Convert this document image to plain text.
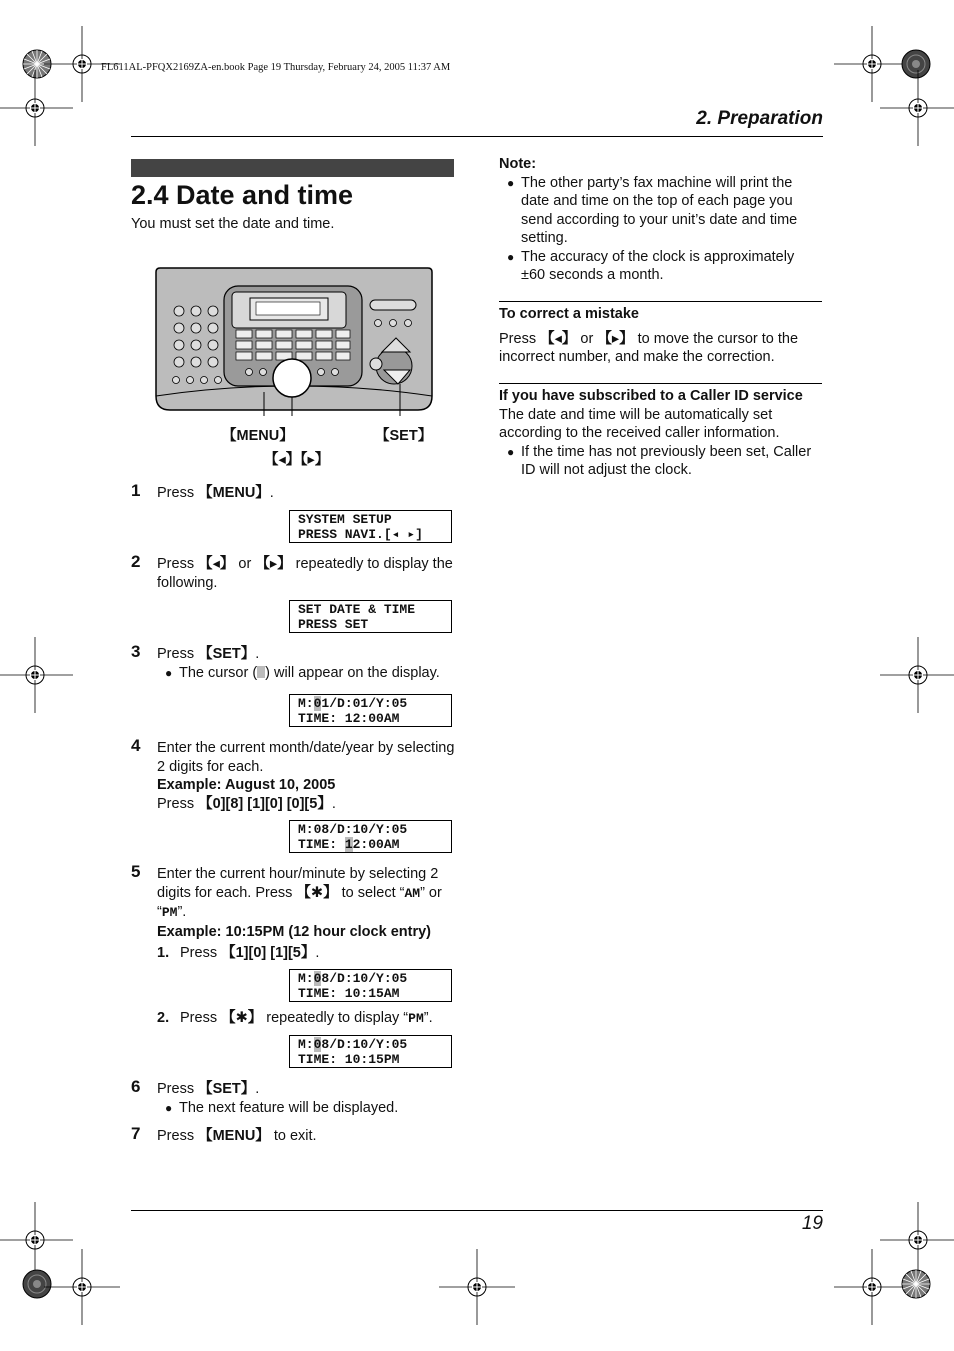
FL611AL-PFQX2169ZA-en.book Page 19 Thursday, February 24, 2005 11:37 AM
2. Preparation
2.4 Date and time
You must set the date and time.
【MENU】	【SET】
【◂】【▸】
1 Press 【MENU】.
SYSTEM SETUP
PRESS NAVI.[◂ ▸]
2 Press 【◂】 or 【▸】 repeatedly to display the following.
SET DATE & TIME
PRESS SET
3 Press 【SET】.
● The cursor ( ) will appear on the display.
M:01/D:01/Y:05
TIME: 12:00AM
4 Enter the current month/date/year by selecting 2 digits for each.
Example: August 10, 2005
Press 【0][8] [1][0] [0][5】.
M:08/D:10/Y:05
TIME: 12:00AM
5 Enter the current hour/minute by selecting 2 digits for each. Press 【✱】 to select “AM” or “PM”.
Example: 10:15PM (12 hour clock entry)
1. Press 【1][0] [1][5】.
M:08/D:10/Y:05
TIME: 10:15AM
2. Press 【✱】 repeatedly to display “PM”.
M:08/D:10/Y:05
TIME: 10:15PM
6 Press 【SET】.
● The next feature will be displayed.
7 Press 【MENU】 to exit.
Note:
● The other party’s fax machine will print the date and time on the top of each page you send according to your unit’s date and time setting.
● The accuracy of the clock is approximately ±60 seconds a month.
To correct a mistake
Press 【◂】 or 【▸】 to move the cursor to the incorrect number, and make the correction.
If you have subscribed to a Caller ID service
The date and time will be automatically set according to the received caller information.
● If the time has not previously been set, Caller ID will not adjust the clock.
19
